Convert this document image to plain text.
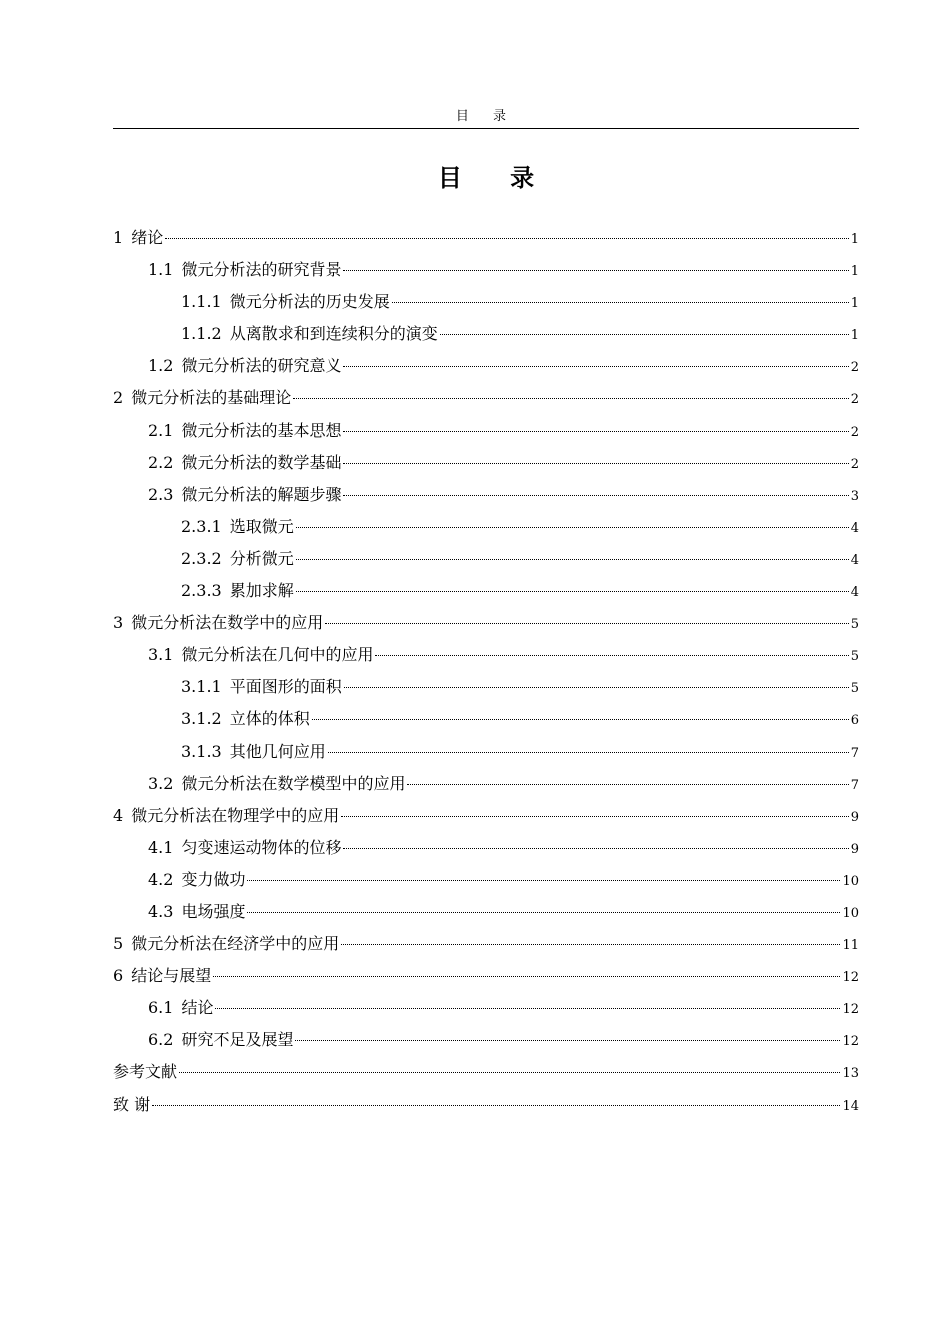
目 录
目 录
1 绪论	1
1.1 微元分析法的研究背景	1
1.1.1 微元分析法的历史发展	1
1.1.2 从离散求和到连续积分的演变	1
1.2 微元分析法的研究意义	2
2 微元分析法的基础理论	2
2.1 微元分析法的基本思想	2
2.2 微元分析法的数学基础	2
2.3 微元分析法的解题步骤	3
2.3.1 选取微元	4
2.3.2 分析微元	4
2.3.3 累加求解	4
3 微元分析法在数学中的应用	5
3.1 微元分析法在几何中的应用	5
3.1.1 平面图形的面积	5
3.1.2 立体的体积	6
3.1.3 其他几何应用	7
3.2 微元分析法在数学模型中的应用	7
4 微元分析法在物理学中的应用	9
4.1 匀变速运动物体的位移	9
4.2 变力做功	10
4.3 电场强度	10
5 微元分析法在经济学中的应用	11
6 结论与展望	12
6.1 结论	12
6.2 研究不足及展望	12
参考文献	13
致 谢	14
